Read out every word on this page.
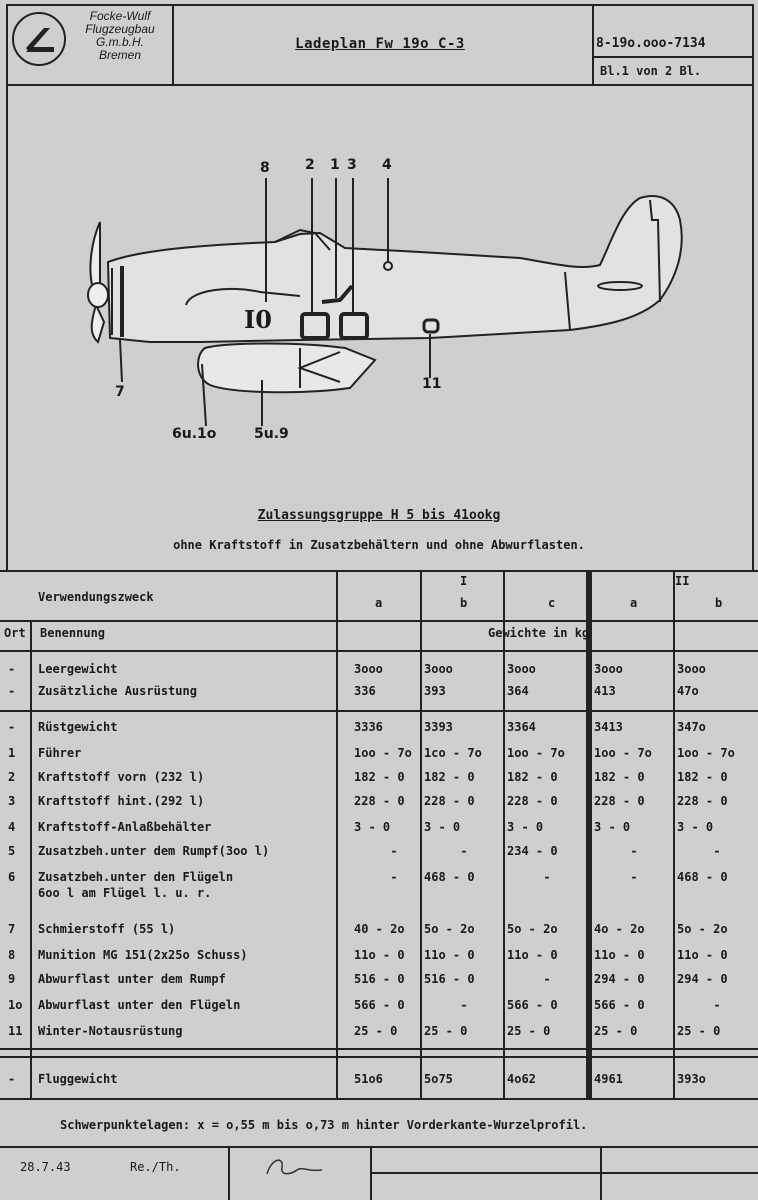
Focke-Wulf
Flugzeugbau
G.m.b.H.
Bremen
Ladeplan Fw 19o C-3	8-19o.ooo-7134
Bl.1 von 2 Bl.
8	2 1 3 4
I0
7	11
6u.1o	5u.9
Zulassungsgruppe H 5 bis 41ookg
ohne Kraftstoff in Zusatzbehältern und ohne Abwurflasten.
Verwendungszweck
I	II
a	b	c	a	b
Ort Benennung	Gewichte in kg
- Leergewicht	3ooo	3ooo	3ooo	3ooo	3ooo
- Zusätzliche Ausrüstung	336	393	364	413	47o
- Rüstgewicht	3336	3393	3364	3413	347o
1 Führer	1oo - 7o	1co - 7o	1oo - 7o	1oo - 7o	1oo - 7o
2 Kraftstoff vorn (232 l)	182 - 0	182 - 0	182 - 0	182 - 0	182 - 0
3 Kraftstoff hint.(292 l)	228 - 0	228 - 0	228 - 0	228 - 0	228 - 0
4 Kraftstoff-Anlaßbehälter	3 - 0	3 - 0	3 - 0	3 - 0	3 - 0
5 Zusatzbeh.unter dem Rumpf(3oo l)	-	-	234 - 0	-	-
6 Zusatzbeh.unter den Flügeln
6oo l am Flügel l. u. r.
-	468 - 0	-	-	468 - 0
7 Schmierstoff (55 l)	40 - 2o	5o - 2o	5o - 2o	4o - 2o	5o - 2o
8 Munition MG 151(2x25o Schuss)	11o - 0	11o - 0	11o - 0	11o - 0	11o - 0
9 Abwurflast unter dem Rumpf	516 - 0	516 - 0	-	294 - 0	294 - 0
1o Abwurflast unter den Flügeln	566 - 0	-	566 - 0	566 - 0	-
11 Winter-Notausrüstung	25 - 0	25 - 0	25 - 0	25 - 0	25 - 0
- Fluggewicht	51o6	5o75	4o62	4961	393o
Schwerpunktelagen: x = o,55 m bis o,73 m hinter Vorderkante-Wurzelprofil.
28.7.43	Re./Th.
